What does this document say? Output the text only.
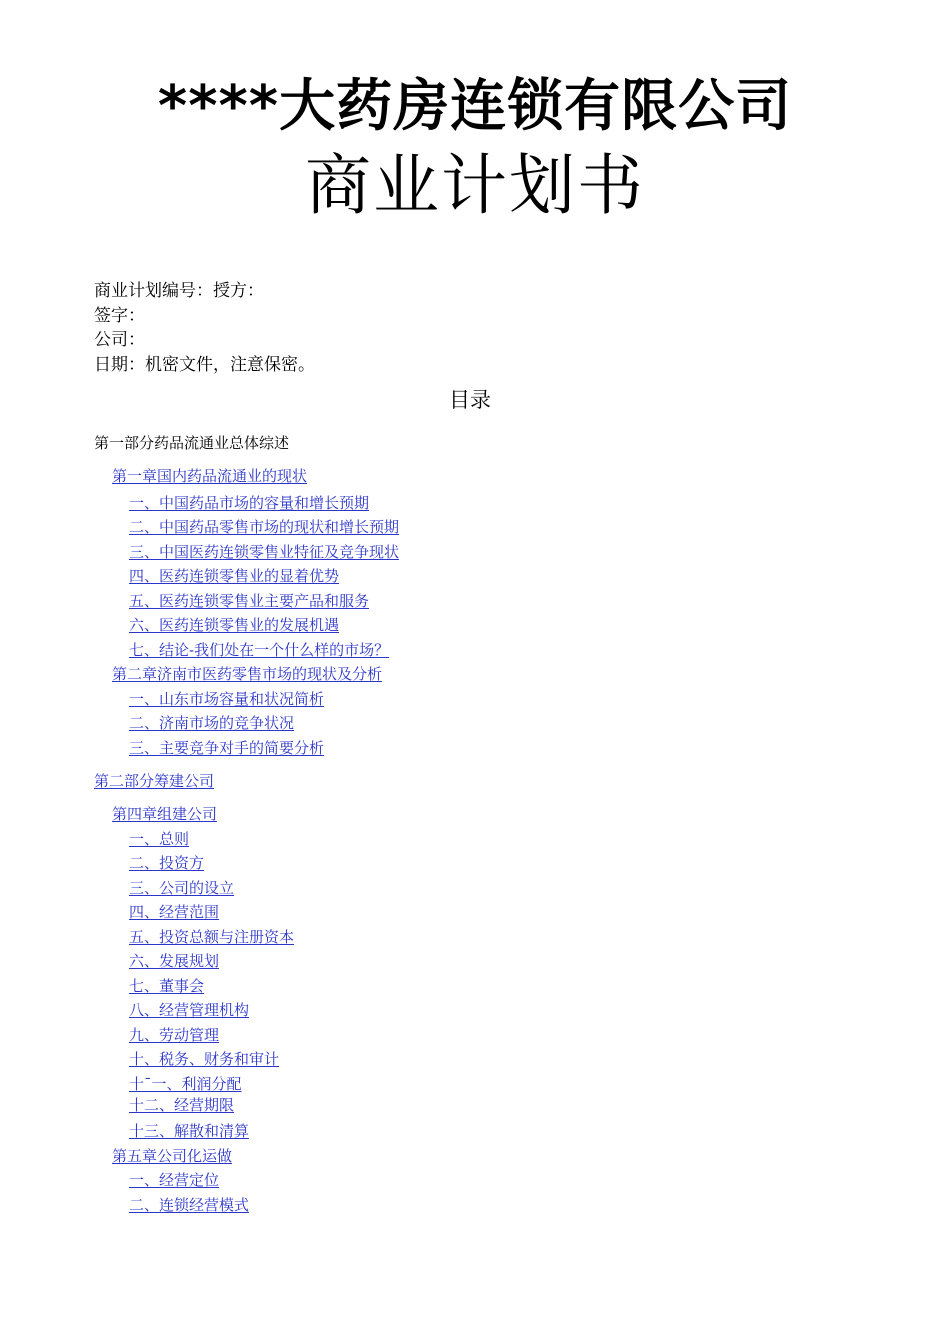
****大药房连锁有限公司
商业计划书
商业计划编号：授方：
签字：
公司：
日期：机密文件，注意保密。
目录
第一部分药品流通业总体综述
第一章国内药品流通业的现状
一、中国药品市场的容量和增长预期
二、中国药品零售市场的现状和增长预期
三、中国医药连锁零售业特征及竞争现状
四、医药连锁零售业的显着优势
五、医药连锁零售业主要产品和服务
六、医药连锁零售业的发展机遇
七、结论-我们处在一个什么样的市场？
第二章济南市医药零售市场的现状及分析
一、山东市场容量和状况简析
二、济南市场的竞争状况
三、主要竞争对手的简要分析
第二部分筹建公司
第四章组建公司
一、总则
二、投资方
三、公司的设立
四、经营范围
五、投资总额与注册资本
六、发展规划
七、董事会
八、经营管理机构
九、劳动管理
十、税务、财务和审计
十ˉ一、利润分配
十二、经营期限
十三、解散和清算
第五章公司化运做
一、经营定位
二、连锁经营模式
